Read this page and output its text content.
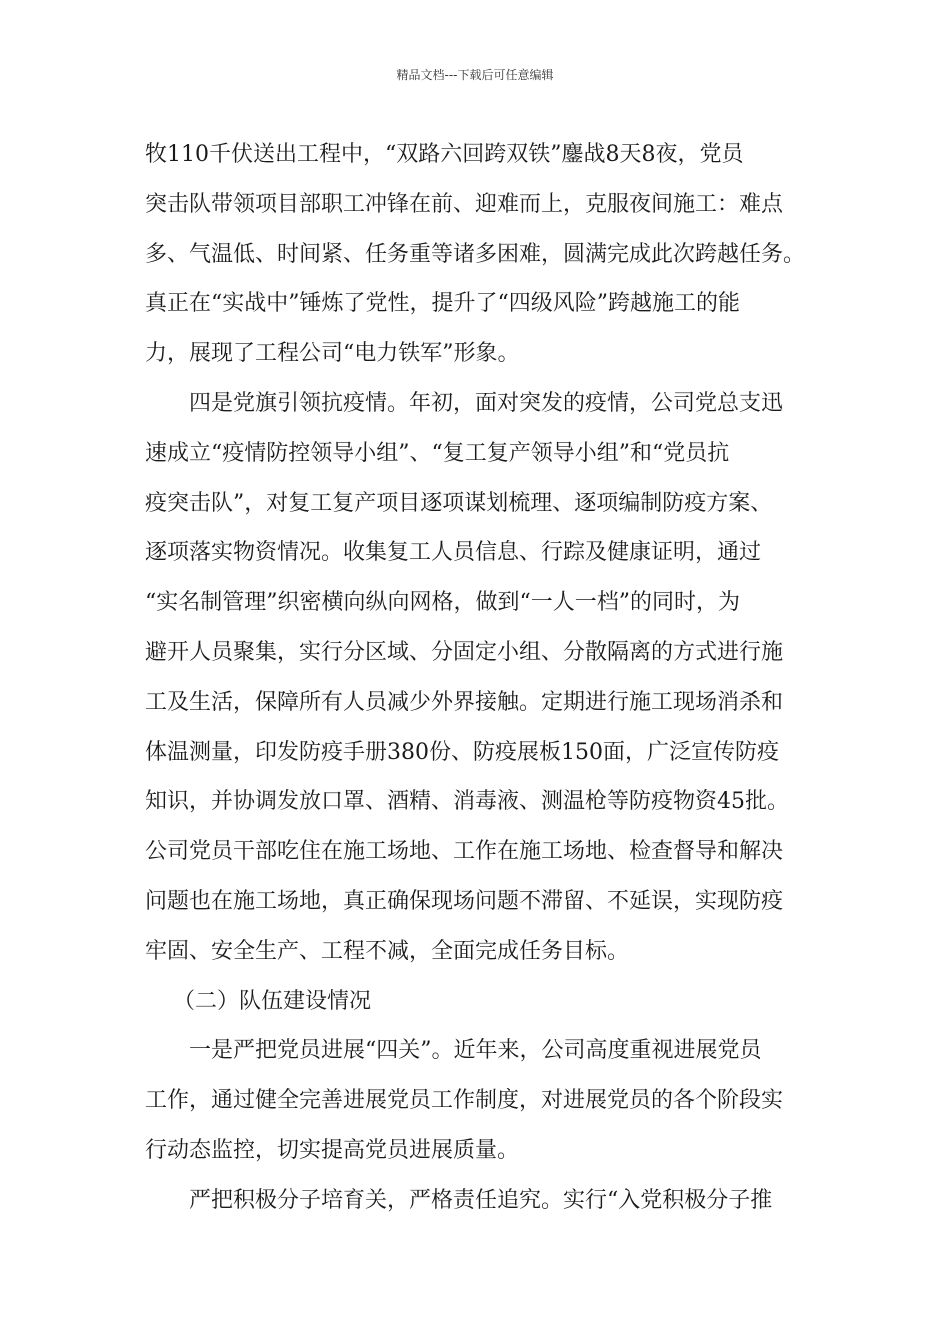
精品文档---下载后可任意编辑
牧110千伏送出工程中，“双路六回跨双铁”鏖战8天8夜，党员
突击队带领项目部职工冲锋在前、迎难而上，克服夜间施工：难点
多、气温低、时间紧、任务重等诸多困难，圆满完成此次跨越任务。
真正在“实战中”锤炼了党性，提升了“四级风险”跨越施工的能
力，展现了工程公司“电力铁军”形象。
四是党旗引领抗疫情。年初，面对突发的疫情，公司党总支迅
速成立“疫情防控领导小组”、“复工复产领导小组”和“党员抗
疫突击队”，对复工复产项目逐项谋划梳理、逐项编制防疫方案、
逐项落实物资情况。收集复工人员信息、行踪及健康证明，通过
“实名制管理”织密横向纵向网格，做到“一人一档”的同时，为
避开人员聚集，实行分区域、分固定小组、分散隔离的方式进行施
工及生活，保障所有人员减少外界接触。定期进行施工现场消杀和
体温测量，印发防疫手册380份、防疫展板150面，广泛宣传防疫
知识，并协调发放口罩、酒精、消毒液、测温枪等防疫物资45批。
公司党员干部吃住在施工场地、工作在施工场地、检查督导和解决
问题也在施工场地，真正确保现场问题不滞留、不延误，实现防疫
牢固、安全生产、工程不减，全面完成任务目标。
（二）队伍建设情况
一是严把党员进展“四关”。近年来，公司高度重视进展党员
工作，通过健全完善进展党员工作制度，对进展党员的各个阶段实
行动态监控，切实提高党员进展质量。
严把积极分子培育关，严格责任追究。实行“入党积极分子推
